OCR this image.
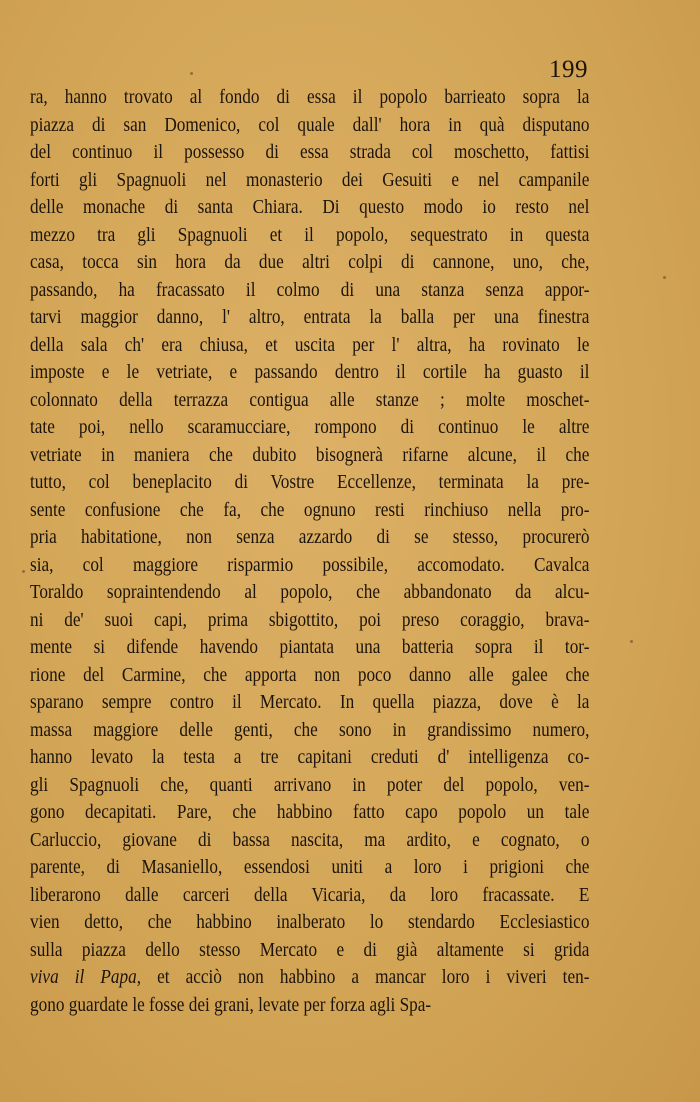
199
ra, hanno trovato al fondo di essa il popolo barrieato sopra la
piazza di san Domenico, col quale dall' hora in quà disputano
del continuo il possesso di essa strada col moschetto, fattisi
forti gli Spagnuoli nel monasterio dei Gesuiti e nel campanile
delle monache di santa Chiara. Di questo modo io resto nel
mezzo tra gli Spagnuoli et il popolo, sequestrato in questa
casa, tocca sin hora da due altri colpi di cannone, uno, che,
passando, ha fracassato il colmo di una stanza senza appor-
tarvi maggior danno, l' altro, entrata la balla per una finestra
della sala ch' era chiusa, et uscita per l' altra, ha rovinato le
imposte e le vetriate, e passando dentro il cortile ha guasto il
colonnato della terrazza contigua alle stanze ; molte moschet-
tate poi, nello scaramucciare, rompono di continuo le altre
vetriate in maniera che dubito bisognerà rifarne alcune, il che
tutto, col beneplacito di Vostre Eccellenze, terminata la pre-
sente confusione che fa, che ognuno resti rinchiuso nella pro-
pria habitatione, non senza azzardo di se stesso, procurerò
sia, col maggiore risparmio possibile, accomodato. Cavalca
Toraldo sopraintendendo al popolo, che abbandonato da alcu-
ni de' suoi capi, prima sbigottito, poi preso coraggio, brava-
mente si difende havendo piantata una batteria sopra il tor-
rione del Carmine, che apporta non poco danno alle galee che
sparano sempre contro il Mercato. In quella piazza, dove è la
massa maggiore delle genti, che sono in grandissimo numero,
hanno levato la testa a tre capitani creduti d' intelligenza co-
gli Spagnuoli che, quanti arrivano in poter del popolo, ven-
gono decapitati. Pare, che habbino fatto capo popolo un tale
Carluccio, giovane di bassa nascita, ma ardito, e cognato, o
parente, di Masaniello, essendosi uniti a loro i prigioni che
liberarono dalle carceri della Vicaria, da loro fracassate. E
vien detto, che habbino inalberato lo stendardo Ecclesiastico
sulla piazza dello stesso Mercato e di già altamente si grida
viva il Papa, et acciò non habbino a mancar loro i viveri ten-
gono guardate le fosse dei grani, levate per forza agli Spa-
